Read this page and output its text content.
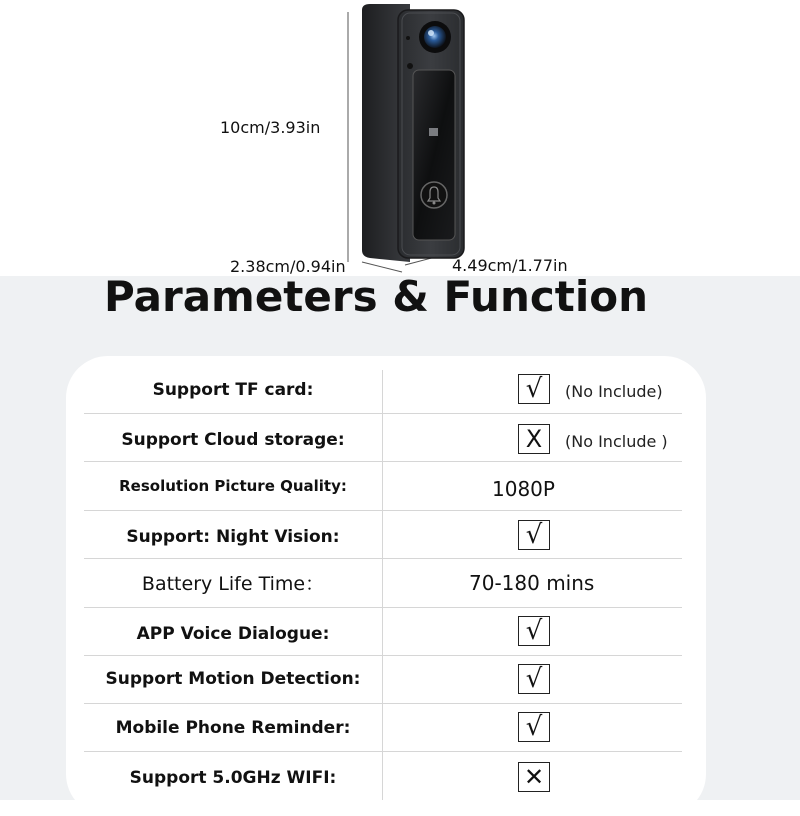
10cm/3.93in
2.38cm/0.94in	4.49cm/1.77in
Parameters & Function
Support TF card:	√	(No Include)
Support Cloud storage:	X	(No Include )
Resolution Picture Quality:	1080P
Support: Night Vision:	√
Battery Life Time：	70-180 mins
APP Voice Dialogue:	√
Support Motion Detection:	√
Mobile Phone Reminder:	√
Support 5.0GHz WIFI:	✕
